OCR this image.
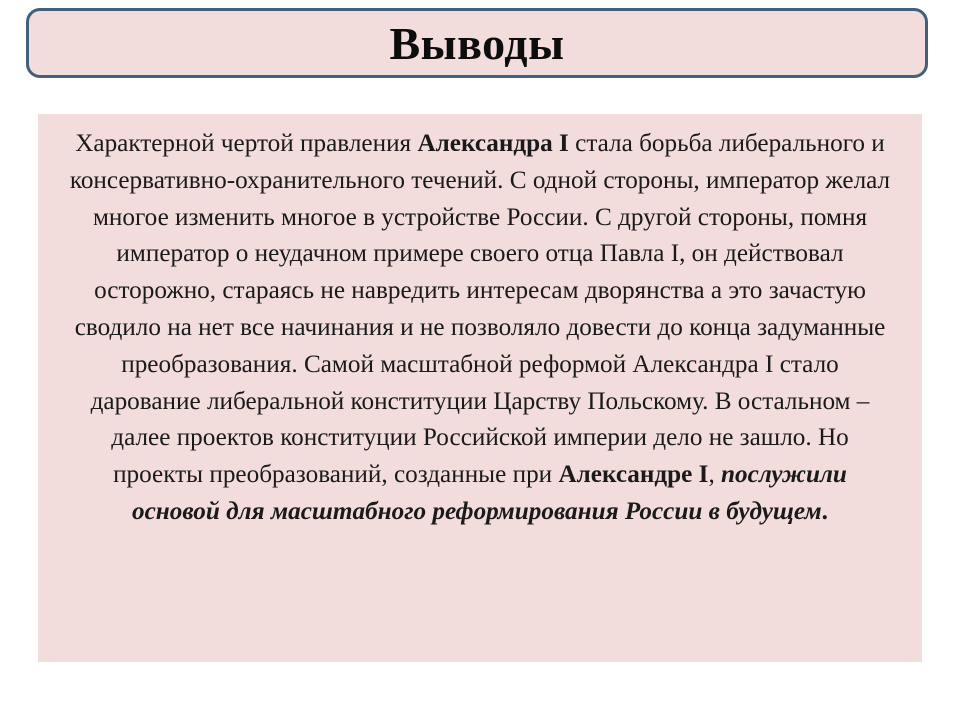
Выводы

Характерной чертой правления Александра I стала борьба либерального и консервативно-охранительного течений. С одной стороны, император желал многое изменить многое в устройстве России. С другой стороны, помня император о неудачном примере своего отца Павла I, он действовал осторожно, стараясь не навредить интересам дворянства а это зачастую сводило на нет все начинания и не позволяло довести до конца задуманные преобразования. Самой масштабной реформой Александра I стало дарование либеральной конституции Царству Польскому. В остальном – далее проектов конституции Российской империи дело не зашло. Но проекты преобразований, созданные при Александре I, послужили основой для масштабного реформирования России в будущем.
